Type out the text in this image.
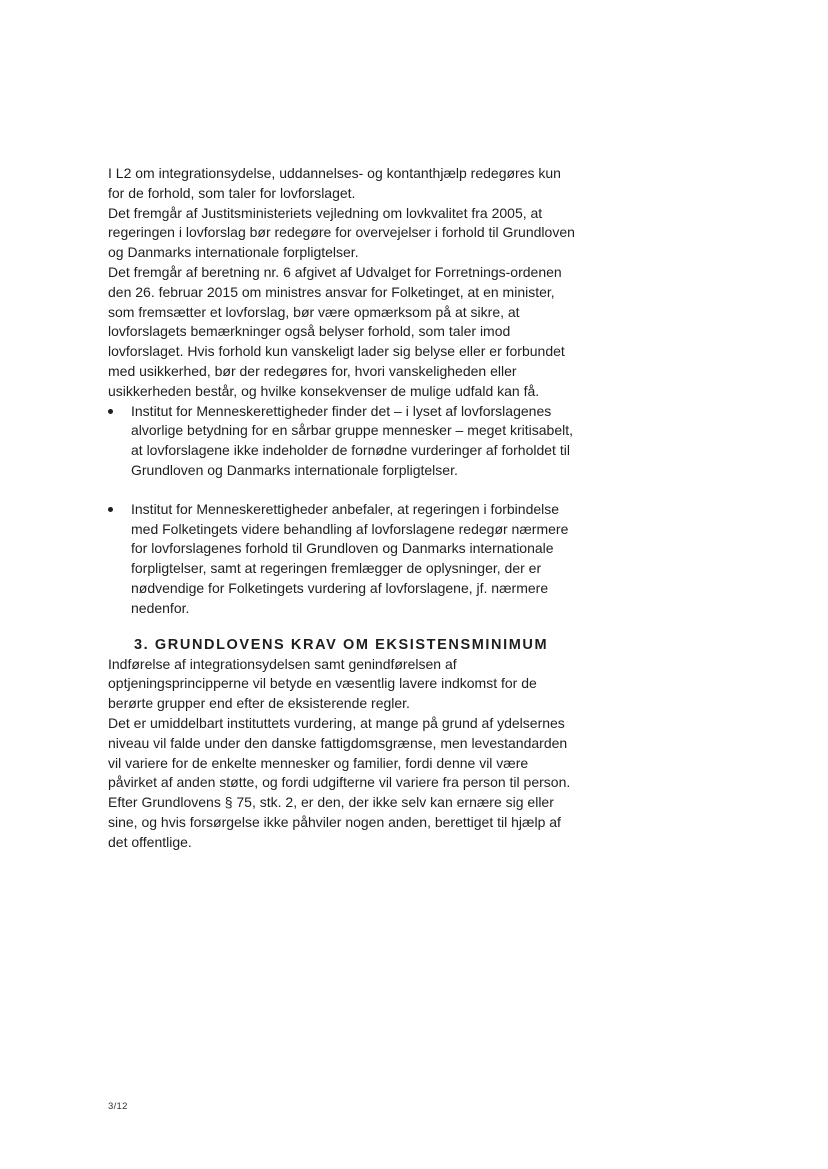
I L2 om integrationsydelse, uddannelses- og kontanthjælp redegøres kun for de forhold, som taler for lovforslaget.

Det fremgår af Justitsministeriets vejledning om lovkvalitet fra 2005, at regeringen i lovforslag bør redegøre for overvejelser i forhold til Grundloven og Danmarks internationale forpligtelser.

Det fremgår af beretning nr. 6 afgivet af Udvalget for Forretnings-ordenen den 26. februar 2015 om ministres ansvar for Folketinget, at en minister, som fremsætter et lovforslag, bør være opmærksom på at sikre, at lovforslagets bemærkninger også belyser forhold, som taler imod lovforslaget. Hvis forhold kun vanskeligt lader sig belyse eller er forbundet med usikkerhed, bør der redegøres for, hvori vanskeligheden eller usikkerheden består, og hvilke konsekvenser de mulige udfald kan få.

Institut for Menneskerettigheder finder det – i lyset af lovforslagenes alvorlige betydning for en sårbar gruppe mennesker – meget kritisabelt, at lovforslagene ikke indeholder de fornødne vurderinger af forholdet til Grundloven og Danmarks internationale forpligtelser.

Institut for Menneskerettigheder anbefaler, at regeringen i forbindelse med Folketingets videre behandling af lovforslagene redegør nærmere for lovforslagenes forhold til Grundloven og Danmarks internationale forpligtelser, samt at regeringen fremlægger de oplysninger, der er nødvendige for Folketingets vurdering af lovforslagene, jf. nærmere nedenfor.

3. GRUNDLOVENS KRAV OM EKSISTENSMINIMUM

Indførelse af integrationsydelsen samt genindførelsen af optjeningsprincipperne vil betyde en væsentlig lavere indkomst for de berørte grupper end efter de eksisterende regler.

Det er umiddelbart instituttets vurdering, at mange på grund af ydelsernes niveau vil falde under den danske fattigdomsgrænse, men levestandarden vil variere for de enkelte mennesker og familier, fordi denne vil være påvirket af anden støtte, og fordi udgifterne vil variere fra person til person.

Efter Grundlovens § 75, stk. 2, er den, der ikke selv kan ernære sig eller sine, og hvis forsørgelse ikke påhviler nogen anden, berettiget til hjælp af det offentlige.

3/12
